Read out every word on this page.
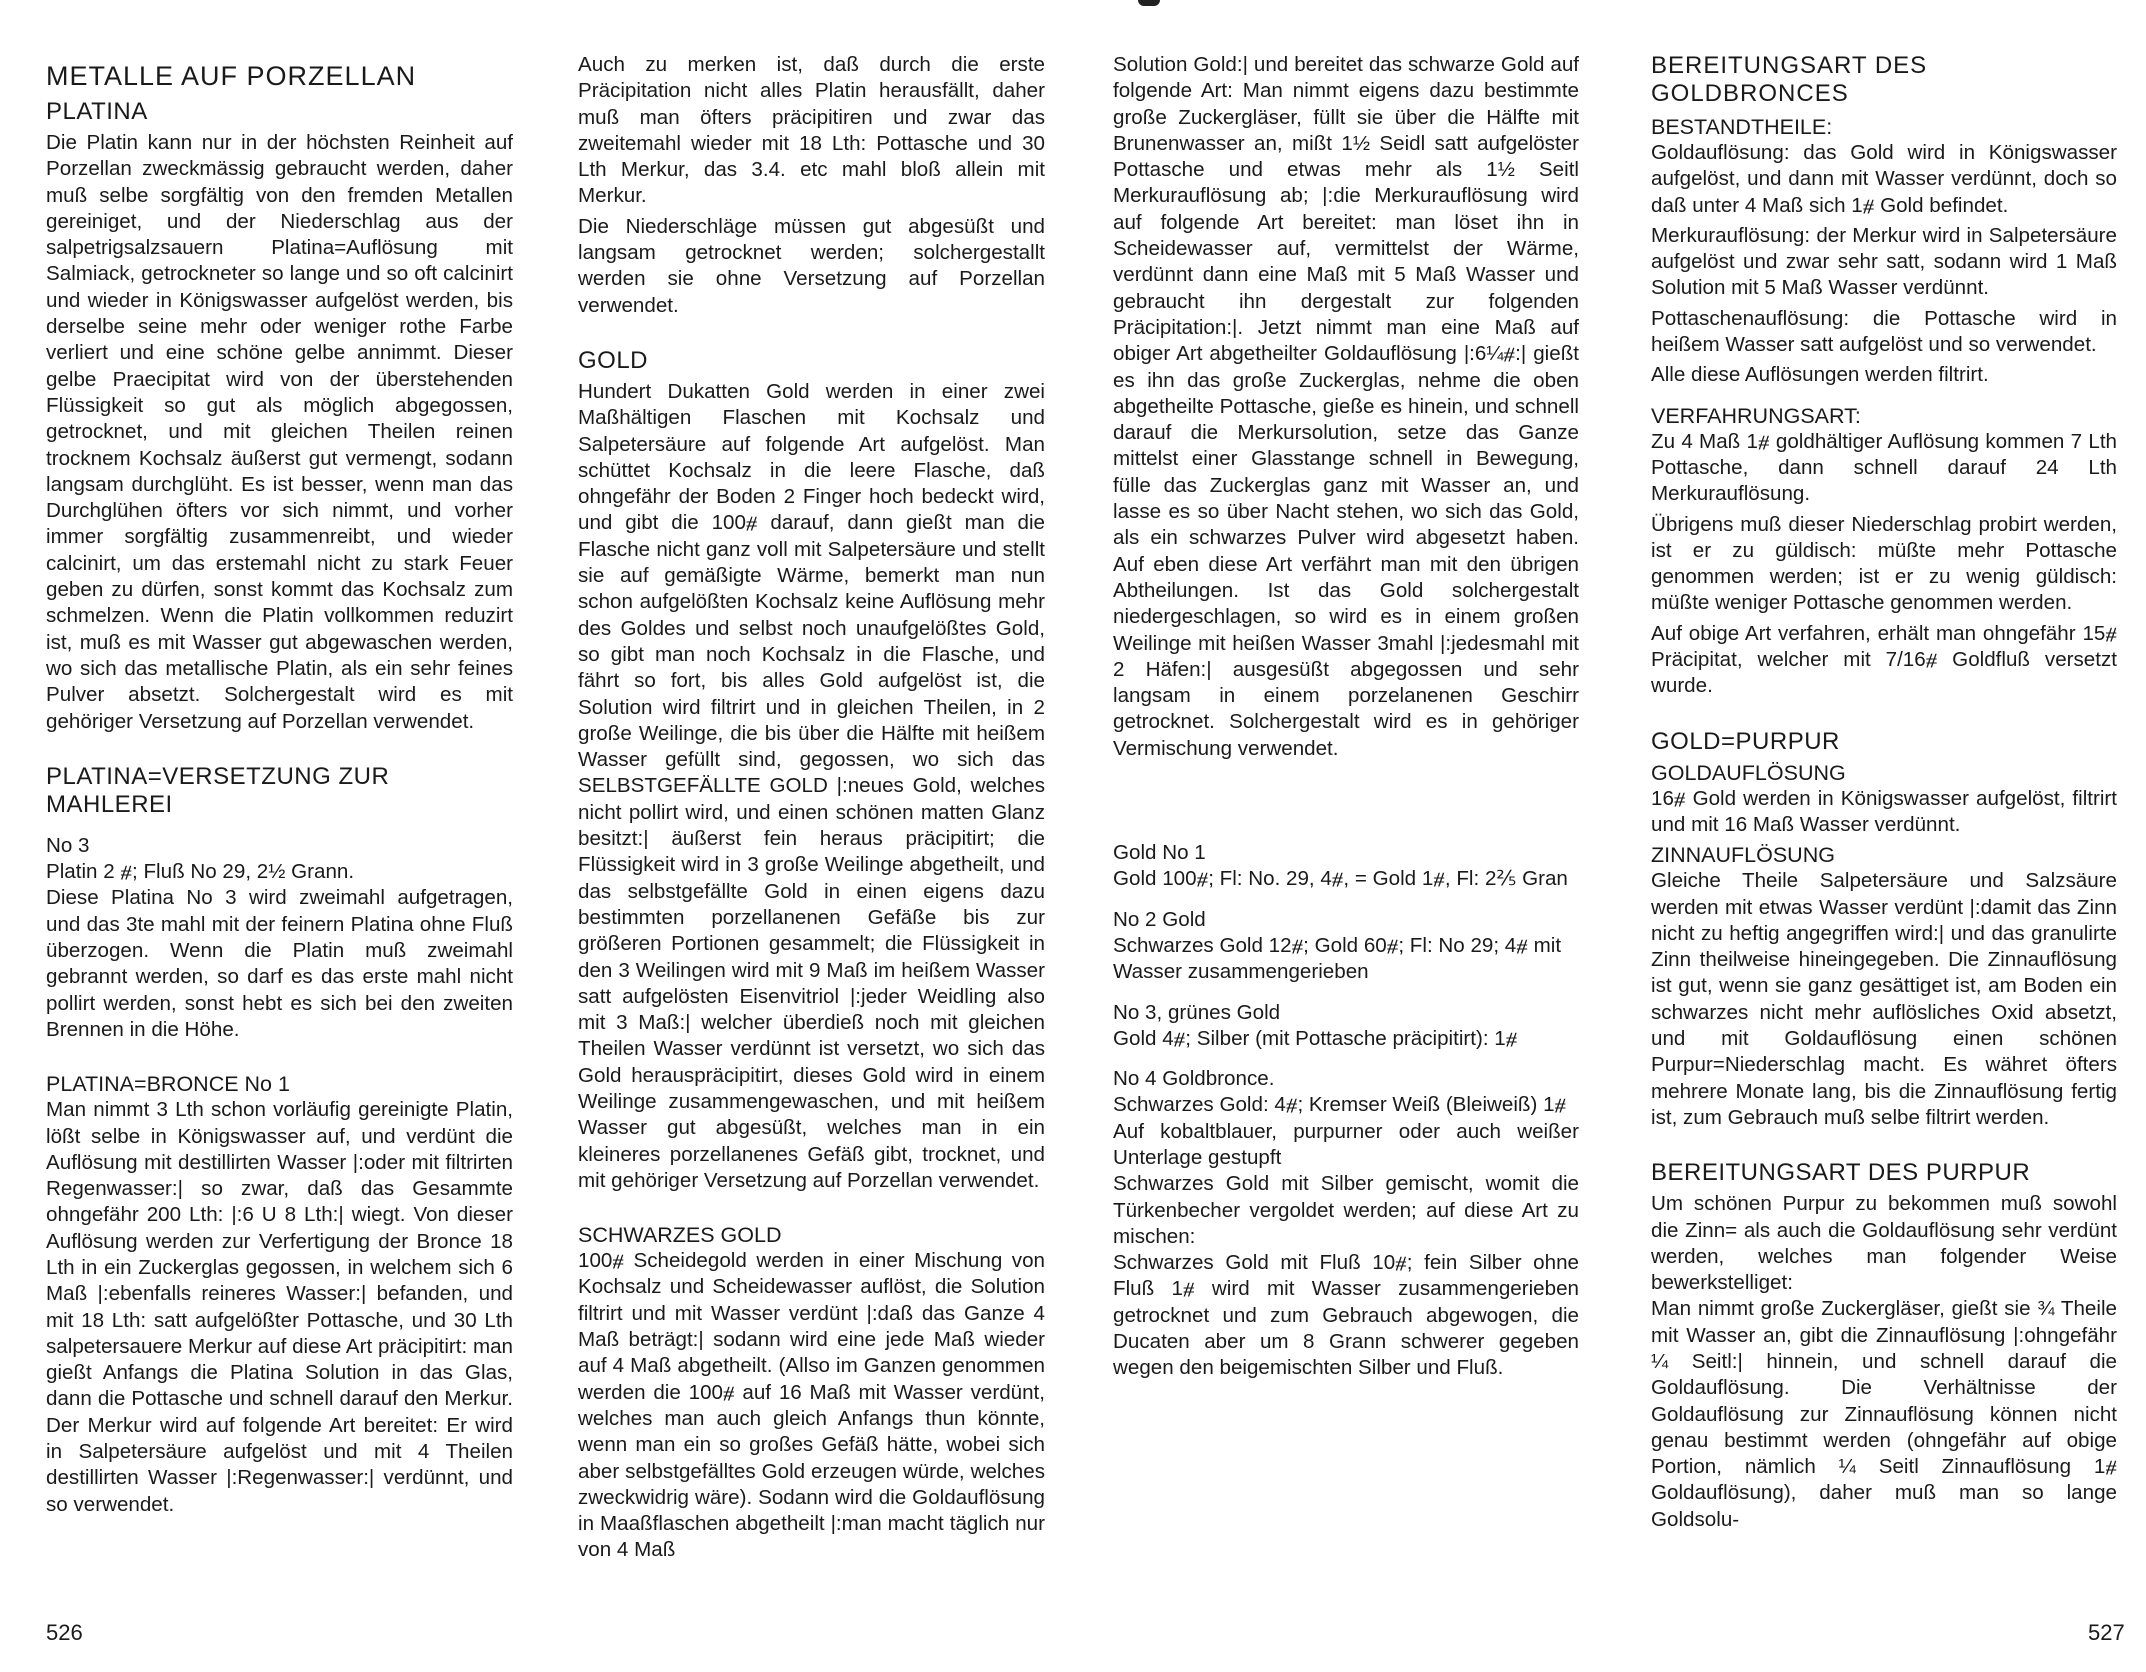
METALLE AUF PORZELLAN
PLATINA

Die Platin kann nur in der höchsten Reinheit auf Porzellan zweckmässig gebraucht werden, daher muß selbe sorgfältig von den fremden Metallen gereiniget, und der Niederschlag aus der salpetrigsalzsauern Platina=Auflösung mit Salmiack, getrockneter so lange und so oft calcinirt und wieder in Königswasser aufgelöst werden, bis derselbe seine mehr oder weniger rothe Farbe verliert und eine schöne gelbe annimmt. Dieser gelbe Praecipitat wird von der überstehenden Flüssigkeit so gut als möglich abgegossen, getrocknet, und mit gleichen Theilen reinen trocknem Kochsalz äußerst gut vermengt, sodann langsam durchglüht. Es ist besser, wenn man das Durchglühen öfters vor sich nimmt, und vorher immer sorgfältig zusammenreibt, und wieder calcinirt, um das erstemahl nicht zu stark Feuer geben zu dürfen, sonst kommt das Kochsalz zum schmelzen. Wenn die Platin vollkommen reduzirt ist, muß es mit Wasser gut abgewaschen werden, wo sich das metallische Platin, als ein sehr feines Pulver absetzt. Solchergestalt wird es mit gehöriger Versetzung auf Porzellan verwendet.

PLATINA=VERSETZUNG ZUR MAHLEREI

No 3

Platin 2 ⧣; Fluß No 29, 2½ Grann.

Diese Platina No 3 wird zweimahl aufgetragen, und das 3te mahl mit der feinern Platina ohne Fluß überzogen. Wenn die Platin muß zweimahl gebrannt werden, so darf es das erste mahl nicht pollirt werden, sonst hebt es sich bei den zweiten Brennen in die Höhe.

PLATINA=BRONCE No 1

Man nimmt 3 Lth schon vorläufig gereinigte Platin, lößt selbe in Königswasser auf, und verdünt die Auflösung mit destillirten Wasser |:oder mit filtrirten Regenwasser:| so zwar, daß das Gesammte ohngefähr 200 Lth: |:6 U 8 Lth:| wiegt. Von dieser Auflösung werden zur Verfertigung der Bronce 18 Lth in ein Zuckerglas gegossen, in welchem sich 6 Maß |:ebenfalls reineres Wasser:| befanden, und mit 18 Lth: satt aufgelößter Pottasche, und 30 Lth salpetersauere Merkur auf diese Art präcipitirt: man gießt Anfangs die Platina Solution in das Glas, dann die Pottasche und schnell darauf den Merkur. Der Merkur wird auf folgende Art bereitet: Er wird in Salpetersäure aufgelöst und mit 4 Theilen destillirten Wasser |:Regenwasser:| verdünnt, und so verwendet.

Auch zu merken ist, daß durch die erste Präcipitation nicht alles Platin herausfällt, daher muß man öfters präcipitiren und zwar das zweitemahl wieder mit 18 Lth: Pottasche und 30 Lth Merkur, das 3.4. etc mahl bloß allein mit Merkur.

Die Niederschläge müssen gut abgesüßt und langsam getrocknet werden; solchergestallt werden sie ohne Versetzung auf Porzellan verwendet.

GOLD

Hundert Dukatten Gold werden in einer zwei Maßhältigen Flaschen mit Kochsalz und Salpetersäure auf folgende Art aufgelöst. Man schüttet Kochsalz in die leere Flasche, daß ohngefähr der Boden 2 Finger hoch bedeckt wird, und gibt die 100⧣ darauf, dann gießt man die Flasche nicht ganz voll mit Salpetersäure und stellt sie auf gemäßigte Wärme, bemerkt man nun schon aufgelößten Kochsalz keine Auflösung mehr des Goldes und selbst noch unaufgelößtes Gold, so gibt man noch Kochsalz in die Flasche, und fährt so fort, bis alles Gold aufgelöst ist, die Solution wird filtrirt und in gleichen Theilen, in 2 große Weilinge, die bis über die Hälfte mit heißem Wasser gefüllt sind, gegossen, wo sich das SELBSTGEFÄLLTE GOLD |:neues Gold, welches nicht pollirt wird, und einen schönen matten Glanz besitzt:| äußerst fein heraus präcipitirt; die Flüssigkeit wird in 3 große Weilinge abgetheilt, und das selbstgefällte Gold in einen eigens dazu bestimmten porzellanenen Gefäße bis zur größeren Portionen gesammelt; die Flüssigkeit in den 3 Weilingen wird mit 9 Maß im heißem Wasser satt aufgelösten Eisenvitriol |:jeder Weidling also mit 3 Maß:| welcher überdieß noch mit gleichen Theilen Wasser verdünnt ist versetzt, wo sich das Gold herauspräcipitirt, dieses Gold wird in einem Weilinge zusammengewaschen, und mit heißem Wasser gut abgesüßt, welches man in ein kleineres porzellanenes Gefäß gibt, trocknet, und mit gehöriger Versetzung auf Porzellan verwendet.

SCHWARZES GOLD

100⧣ Scheidegold werden in einer Mischung von Kochsalz und Scheidewasser auflöst, die Solution filtrirt und mit Wasser verdünt |:daß das Ganze 4 Maß beträgt:| sodann wird eine jede Maß wieder auf 4 Maß abgetheilt. (Allso im Ganzen genommen werden die 100⧣ auf 16 Maß mit Wasser verdünt, welches man auch gleich Anfangs thun könnte, wenn man ein so großes Gefäß hätte, wobei sich aber selbstgefälltes Gold erzeugen würde, welches zweckwidrig wäre). Sodann wird die Goldauflösung in Maaßflaschen abgetheilt |:man macht täglich nur von 4 Maß

526

Solution Gold:| und bereitet das schwarze Gold auf folgende Art: Man nimmt eigens dazu bestimmte große Zuckergläser, füllt sie über die Hälfte mit Brunenwasser an, mißt 1½ Seidl satt aufgelöster Pottasche und etwas mehr als 1½ Seitl Merkurauflösung ab; |:die Merkurauflösung wird auf folgende Art bereitet: man löset ihn in Scheidewasser auf, vermittelst der Wärme, verdünnt dann eine Maß mit 5 Maß Wasser und gebraucht ihn dergestalt zur folgenden Präcipitation:|. Jetzt nimmt man eine Maß auf obiger Art abgetheilter Goldauflösung |:6¼⧣:| gießt es ihn das große Zuckerglas, nehme die oben abgetheilte Pottasche, gieße es hinein, und schnell darauf die Merkursolution, setze das Ganze mittelst einer Glasstange schnell in Bewegung, fülle das Zuckerglas ganz mit Wasser an, und lasse es so über Nacht stehen, wo sich das Gold, als ein schwarzes Pulver wird abgesetzt haben. Auf eben diese Art verfährt man mit den übrigen Abtheilungen. Ist das Gold solchergestalt niedergeschlagen, so wird es in einem großen Weilinge mit heißen Wasser 3mahl |:jedesmahl mit 2 Häfen:| ausgesüßt abgegossen und sehr langsam in einem porzelanenen Geschirr getrocknet. Solchergestalt wird es in gehöriger Vermischung verwendet.

Gold No 1

Gold 100⧣; Fl: No. 29, 4⧣, = Gold 1⧣, Fl: 2⅖ Gran

No 2 Gold

Schwarzes Gold 12⧣; Gold 60⧣; Fl: No 29; 4⧣ mit Wasser zusammengerieben

No 3, grünes Gold

Gold 4⧣; Silber (mit Pottasche präcipitirt): 1⧣

No 4 Goldbronce.

Schwarzes Gold: 4⧣; Kremser Weiß (Bleiweiß) 1⧣

Auf kobaltblauer, purpurner oder auch weißer Unterlage gestupft

Schwarzes Gold mit Silber gemischt, womit die Türkenbecher vergoldet werden; auf diese Art zu mischen:

Schwarzes Gold mit Fluß 10⧣; fein Silber ohne Fluß 1⧣ wird mit Wasser zusammengerieben getrocknet und zum Gebrauch abgewogen, die Ducaten aber um 8 Grann schwerer gegeben wegen den beigemischten Silber und Fluß.

BEREITUNGSART DES GOLDBRONCES
BESTANDTHEILE:

Goldauflösung: das Gold wird in Königswasser aufgelöst, und dann mit Wasser verdünnt, doch so daß unter 4 Maß sich 1⧣ Gold befindet.

Merkurauflösung: der Merkur wird in Salpetersäure aufgelöst und zwar sehr satt, sodann wird 1 Maß Solution mit 5 Maß Wasser verdünnt.

Pottaschenauflösung: die Pottasche wird in heißem Wasser satt aufgelöst und so verwendet.

Alle diese Auflösungen werden filtrirt.

VERFAHRUNGSART:

Zu 4 Maß 1⧣ goldhältiger Auflösung kommen 7 Lth Pottasche, dann schnell darauf 24 Lth Merkurauflösung.

Übrigens muß dieser Niederschlag probirt werden, ist er zu güldisch: müßte mehr Pottasche genommen werden; ist er zu wenig güldisch: müßte weniger Pottasche genommen werden.

Auf obige Art verfahren, erhält man ohngefähr 15⧣ Präcipitat, welcher mit 7/16⧣ Goldfluß versetzt wurde.

GOLD=PURPUR
GOLDAUFLÖSUNG

16⧣ Gold werden in Königswasser aufgelöst, filtrirt und mit 16 Maß Wasser verdünnt.

ZINNAUFLÖSUNG

Gleiche Theile Salpetersäure und Salzsäure werden mit etwas Wasser verdünt |:damit das Zinn nicht zu heftig angegriffen wird:| und das granulirte Zinn theilweise hineingegeben. Die Zinnauflösung ist gut, wenn sie ganz gesättiget ist, am Boden ein schwarzes nicht mehr auflösliches Oxid absetzt, und mit Goldauflösung einen schönen Purpur=Niederschlag macht. Es währet öfters mehrere Monate lang, bis die Zinnauflösung fertig ist, zum Gebrauch muß selbe filtrirt werden.

BEREITUNGSART DES PURPUR

Um schönen Purpur zu bekommen muß sowohl die Zinn= als auch die Goldauflösung sehr verdünt werden, welches man folgender Weise bewerkstelliget:

Man nimmt große Zuckergläser, gießt sie ¾ Theile mit Wasser an, gibt die Zinnauflösung |:ohngefähr ¼ Seitl:| hinnein, und schnell darauf die Goldauflösung. Die Verhältnisse der Goldauflösung zur Zinnauflösung können nicht genau bestimmt werden (ohngefähr auf obige Portion, nämlich ¼ Seitl Zinnauflösung 1⧣ Goldauflösung), daher muß man so lange Goldsolu-

527
